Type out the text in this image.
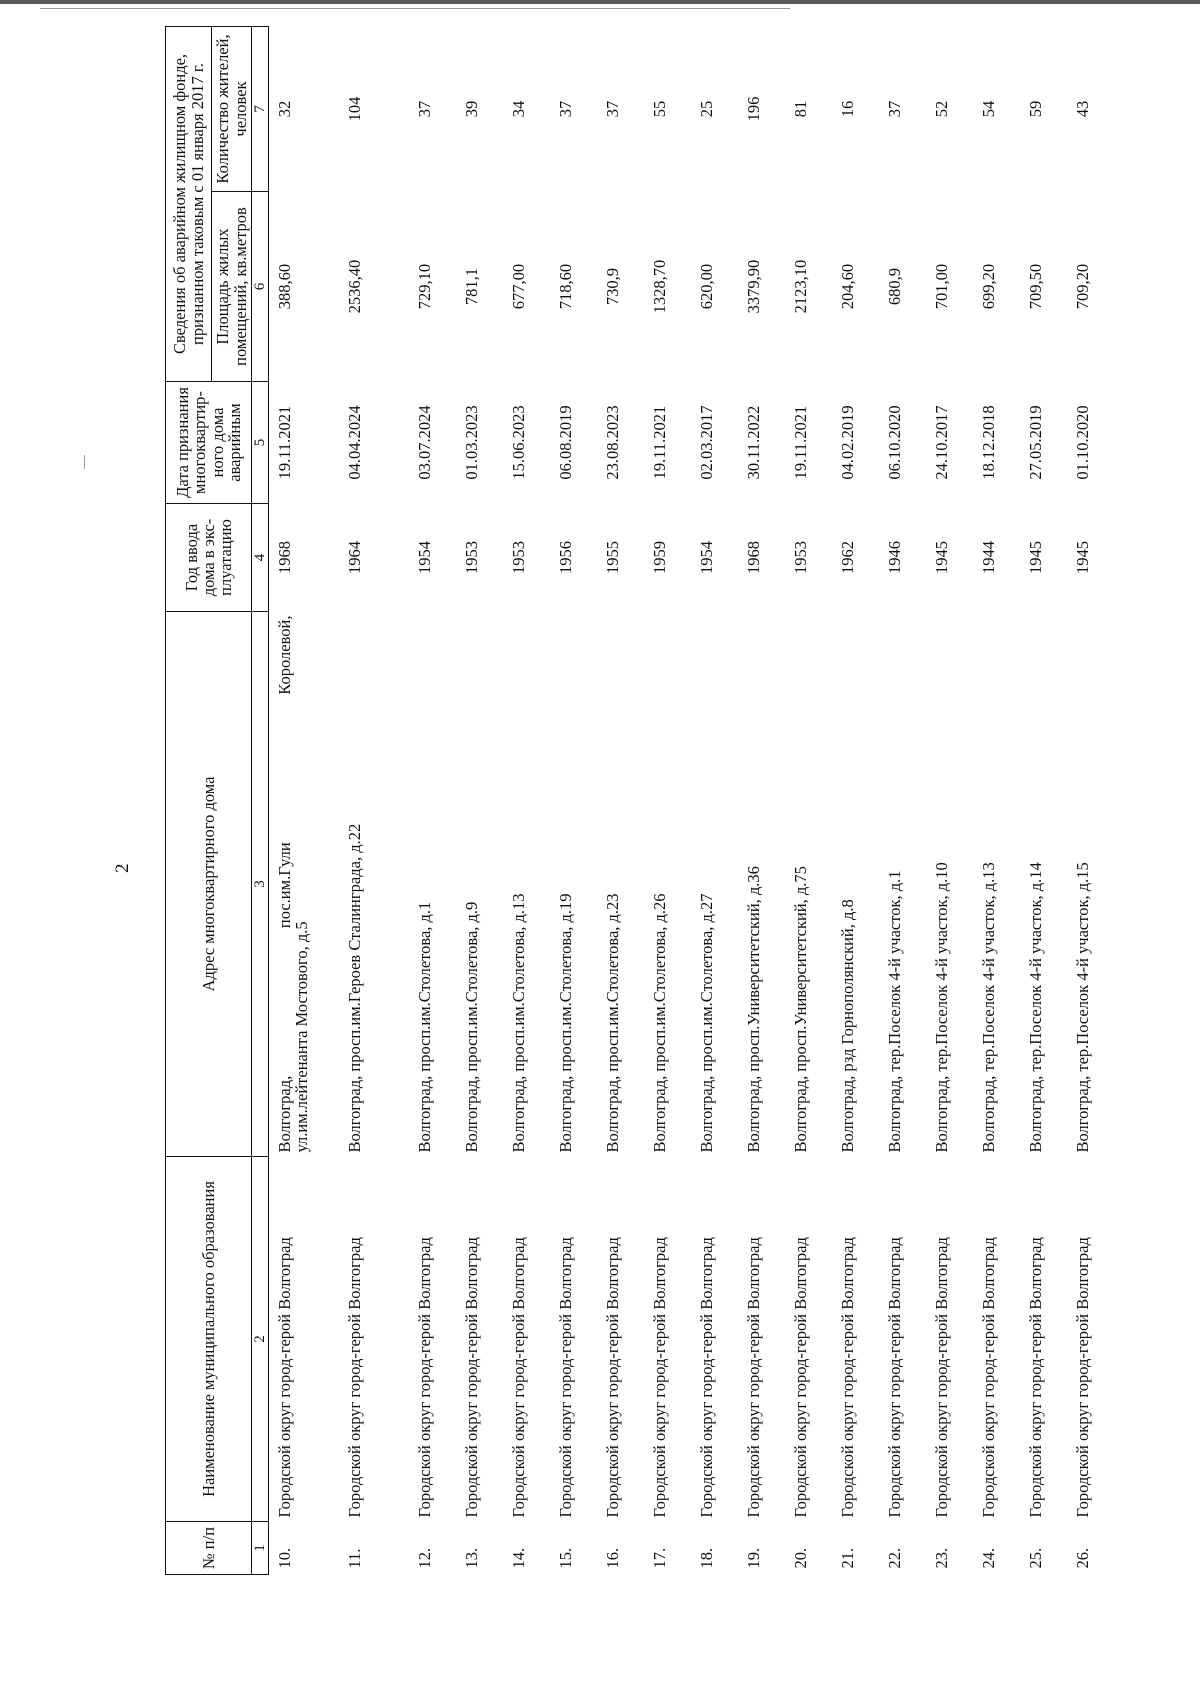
2
№ п/п	Наименование муниципального образования	Адрес многоквартирного дома	Год ввода дома в экс-плуатацию	Дата признания многоквартир-ного дома аварийным	Сведения об аварийном жилищном фонде, признанном таковым с 01 января 2017 г.	
					Площадь жилых помещений, кв.метров	Количество жителей, человек
1	2	3	4	5	6	7
10.	Городской округ город-герой Волгоград	Волгоград,
пос.им.Гули
Королевой,
ул.им.лейтенанта Мостового, д.5	1968	19.11.2021	388,60	32
11.	Городской округ город-герой Волгоград	Волгоград, просп.им.Героев Сталинграда, д.22	1964	04.04.2024	2536,40	104
12.	Городской округ город-герой Волгоград	Волгоград, просп.им.Столетова, д.1	1954	03.07.2024	729,10	37
13.	Городской округ город-герой Волгоград	Волгоград, просп.им.Столетова, д.9	1953	01.03.2023	781,1	39
14.	Городской округ город-герой Волгоград	Волгоград, просп.им.Столетова, д.13	1953	15.06.2023	677,00	34
15.	Городской округ город-герой Волгоград	Волгоград, просп.им.Столетова, д.19	1956	06.08.2019	718,60	37
16.	Городской округ город-герой Волгоград	Волгоград, просп.им.Столетова, д.23	1955	23.08.2023	730,9	37
17.	Городской округ город-герой Волгоград	Волгоград, просп.им.Столетова, д.26	1959	19.11.2021	1328,70	55
18.	Городской округ город-герой Волгоград	Волгоград, просп.им.Столетова, д.27	1954	02.03.2017	620,00	25
19.	Городской округ город-герой Волгоград	Волгоград, просп.Университетский, д.36	1968	30.11.2022	3379,90	196
20.	Городской округ город-герой Волгоград	Волгоград, просп.Университетский, д.75	1953	19.11.2021	2123,10	81
21.	Городской округ город-герой Волгоград	Волгоград, рзд Горнополянский, д.8	1962	04.02.2019	204,60	16
22.	Городской округ город-герой Волгоград	Волгоград, тер.Поселок 4-й участок, д.1	1946	06.10.2020	680,9	37
23.	Городской округ город-герой Волгоград	Волгоград, тер.Поселок 4-й участок, д.10	1945	24.10.2017	701,00	52
24.	Городской округ город-герой Волгоград	Волгоград, тер.Поселок 4-й участок, д.13	1944	18.12.2018	699,20	54
25.	Городской округ город-герой Волгоград	Волгоград, тер.Поселок 4-й участок, д.14	1945	27.05.2019	709,50	59
26.	Городской округ город-герой Волгоград	Волгоград, тер.Поселок 4-й участок, д.15	1945	01.10.2020	709,20	43
